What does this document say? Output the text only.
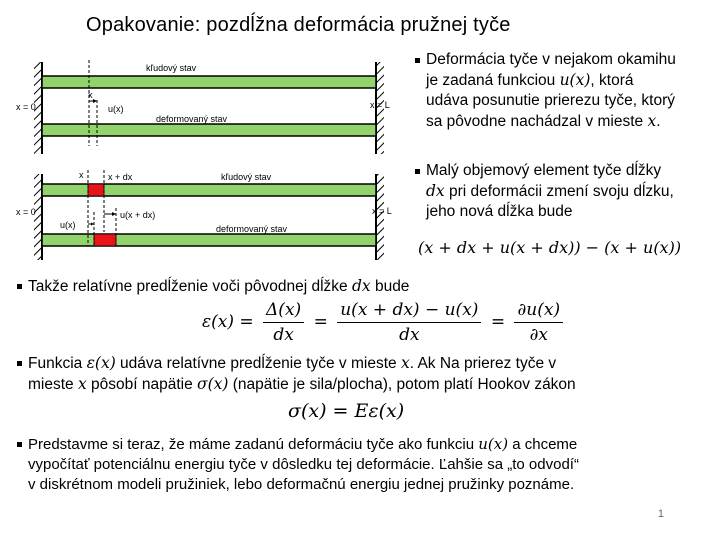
Opakovanie: pozdĺžna deformácia pružnej tyče
kľudový stav
deformovaný stav
x
u(x)
x = 0	x = L
kľudový stav
deformovaný stav
x	x + dx
u(x)
u(x + dx)
x = 0	x = L
Deformácia tyče v nejakom okamihu
je zadaná funkciou u(x), ktorá
udáva posunutie prierezu tyče, ktorý
sa pôvodne nachádzal v mieste x.
Malý objemový element tyče dĺžky
dx pri deformácii zmení svoju dĺzku,
jeho nová dĺžka bude
(x + dx + u(x + dx)) − (x + u(x))
Takže relatívne predĺženie voči pôvodnej dĺžke dx bude
$\varepsilon(x) = \frac{\Delta(x)}{dx} = \frac{u(x + dx) - u(x)}{dx} = \frac{\partial u(x)}{\partial x}$
Funkcia ε(x) udáva relatívne predĺženie tyče v mieste x. Ak Na prierez tyče v
mieste x pôsobí napätie σ(x) (napätie je sila/plocha), potom platí Hookov zákon
σ(x) = Eε(x)
Predstavme si teraz, že máme zadanú deformáciu tyče ako funkciu u(x) a chceme
vypočítať potenciálnu energiu tyče v dôsledku tej deformácie. Ľahšie sa „to odvodí“
v diskrétnom modeli pružiniek, lebo deformačnú energiu jednej pružinky poznáme.
1
